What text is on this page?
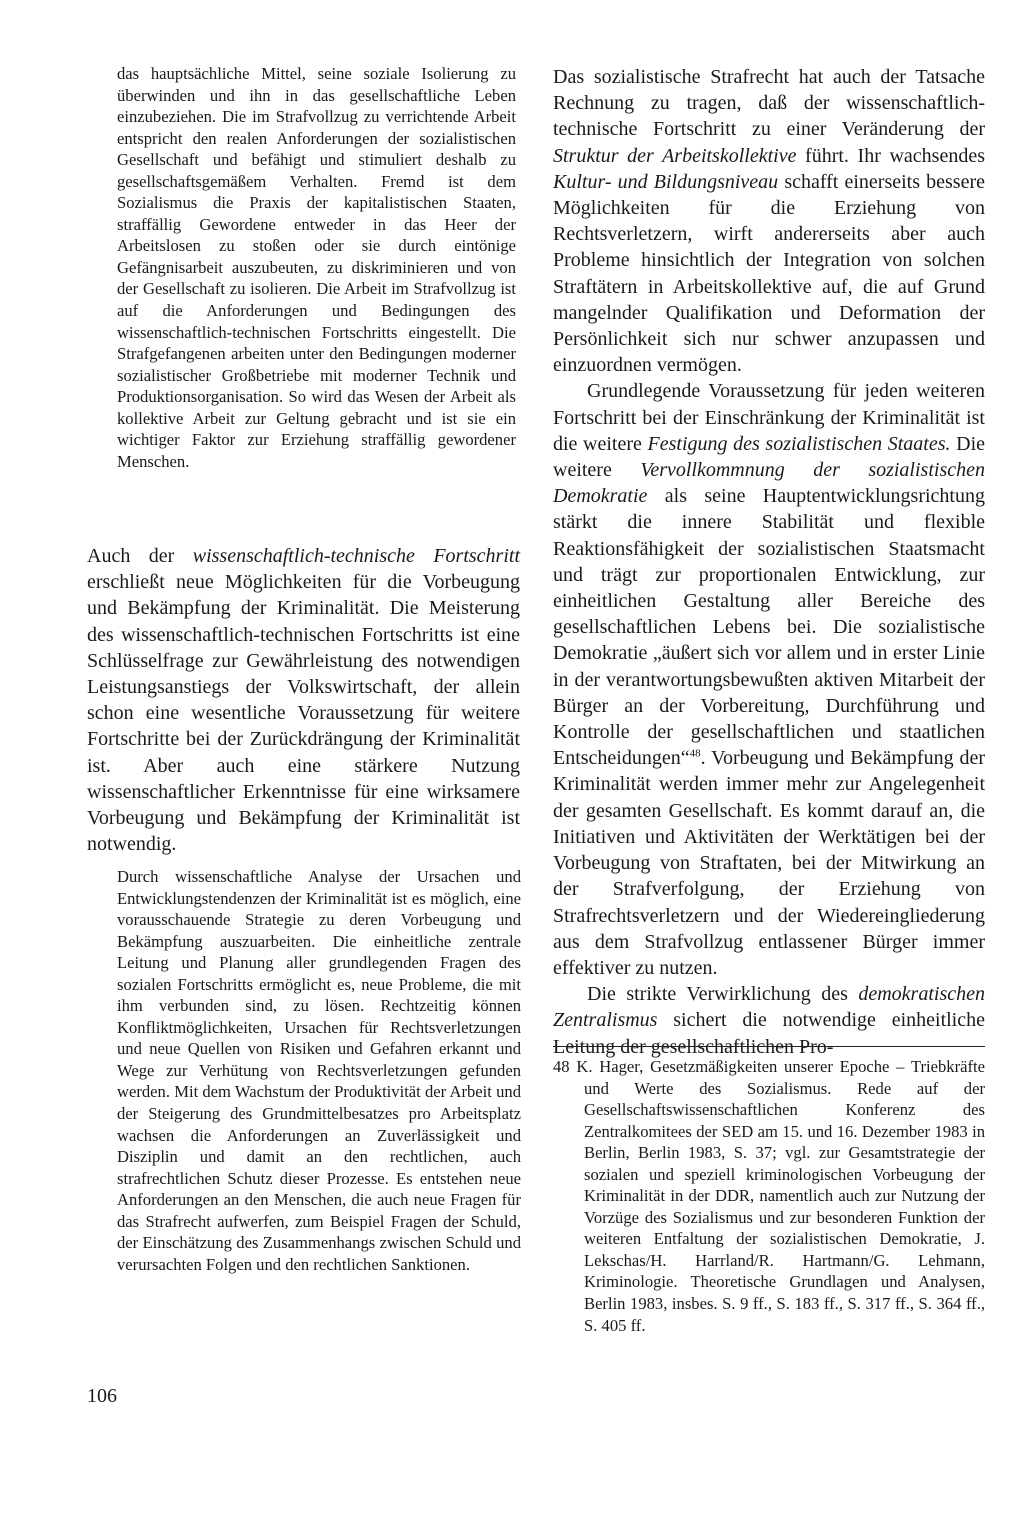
das hauptsächliche Mittel, seine soziale Isolierung zu überwinden und ihn in das gesellschaftliche Leben einzubeziehen. Die im Strafvollzug zu verrichtende Arbeit entspricht den realen Anforderungen der sozialistischen Gesellschaft und befähigt und stimuliert deshalb zu gesellschaftsgemäßem Verhalten. Fremd ist dem Sozialismus die Praxis der kapitalistischen Staaten, straffällig Gewordene entweder in das Heer der Arbeitslosen zu stoßen oder sie durch eintönige Gefängnisarbeit auszubeuten, zu diskriminieren und von der Gesellschaft zu isolieren. Die Arbeit im Strafvollzug ist auf die Anforderungen und Bedingungen des wissenschaftlich-technischen Fortschritts eingestellt. Die Strafgefangenen arbeiten unter den Bedingungen moderner sozialistischer Großbetriebe mit moderner Technik und Produktionsorganisation. So wird das Wesen der Arbeit als kollektive Arbeit zur Geltung gebracht und ist sie ein wichtiger Faktor zur Erziehung straffällig gewordener Menschen.

Auch der wissenschaftlich-technische Fortschritt erschließt neue Möglichkeiten für die Vorbeugung und Bekämpfung der Kriminalität. Die Meisterung des wissenschaftlich-technischen Fortschritts ist eine Schlüsselfrage zur Gewährleistung des notwendigen Leistungsanstiegs der Volkswirtschaft, der allein schon eine wesentliche Voraussetzung für weitere Fortschritte bei der Zurückdrängung der Kriminalität ist. Aber auch eine stärkere Nutzung wissenschaftlicher Erkenntnisse für eine wirksamere Vorbeugung und Bekämpfung der Kriminalität ist notwendig.

Durch wissenschaftliche Analyse der Ursachen und Entwicklungstendenzen der Kriminalität ist es möglich, eine vorausschauende Strategie zu deren Vorbeugung und Bekämpfung auszuarbeiten. Die einheitliche zentrale Leitung und Planung aller grundlegenden Fragen des sozialen Fortschritts ermöglicht es, neue Probleme, die mit ihm verbunden sind, zu lösen. Rechtzeitig können Konfliktmöglichkeiten, Ursachen für Rechtsverletzungen und neue Quellen von Risiken und Gefahren erkannt und Wege zur Verhütung von Rechtsverletzungen gefunden werden. Mit dem Wachstum der Produktivität der Arbeit und der Steigerung des Grundmittelbesatzes pro Arbeitsplatz wachsen die Anforderungen an Zuverlässigkeit und Disziplin und damit an den rechtlichen, auch strafrechtlichen Schutz dieser Prozesse. Es entstehen neue Anforderungen an den Menschen, die auch neue Fragen für das Strafrecht aufwerfen, zum Beispiel Fragen der Schuld, der Einschätzung des Zusammenhangs zwischen Schuld und verursachten Folgen und den rechtlichen Sanktionen.

Das sozialistische Strafrecht hat auch der Tatsache Rechnung zu tragen, daß der wissenschaftlich-technische Fortschritt zu einer Veränderung der Struktur der Arbeitskollektive führt. Ihr wachsendes Kultur- und Bildungsniveau schafft einerseits bessere Möglichkeiten für die Erziehung von Rechtsverletzern, wirft andererseits aber auch Probleme hinsichtlich der Integration von solchen Straftätern in Arbeitskollektive auf, die auf Grund mangelnder Qualifikation und Deformation der Persönlichkeit sich nur schwer anzupassen und einzuordnen vermögen.

Grundlegende Voraussetzung für jeden weiteren Fortschritt bei der Einschränkung der Kriminalität ist die weitere Festigung des sozialistischen Staates. Die weitere Vervollkommnung der sozialistischen Demokratie als seine Hauptentwicklungsrichtung stärkt die innere Stabilität und flexible Reaktionsfähigkeit der sozialistischen Staatsmacht und trägt zur proportionalen Entwicklung, zur einheitlichen Gestaltung aller Bereiche des gesellschaftlichen Lebens bei. Die sozialistische Demokratie „äußert sich vor allem und in erster Linie in der verantwortungsbewußten aktiven Mitarbeit der Bürger an der Vorbereitung, Durchführung und Kontrolle der gesellschaftlichen und staatlichen Entscheidungen“$^{48}$. Vorbeugung und Bekämpfung der Kriminalität werden immer mehr zur Angelegenheit der gesamten Gesellschaft. Es kommt darauf an, die Initiativen und Aktivitäten der Werktätigen bei der Vorbeugung von Straftaten, bei der Mitwirkung an der Strafverfolgung, der Erziehung von Strafrechtsverletzern und der Wiedereingliederung aus dem Strafvollzug entlassener Bürger immer effektiver zu nutzen.

Die strikte Verwirklichung des demokratischen Zentralismus sichert die notwendige einheitliche Leitung der gesellschaftlichen Pro-

48 K. Hager, Gesetzmäßigkeiten unserer Epoche – Triebkräfte und Werte des Sozialismus. Rede auf der Gesellschaftswissenschaftlichen Konferenz des Zentralkomitees der SED am 15. und 16. Dezember 1983 in Berlin, Berlin 1983, S. 37; vgl. zur Gesamtstrategie der sozialen und speziell kriminologischen Vorbeugung der Kriminalität in der DDR, namentlich auch zur Nutzung der Vorzüge des Sozialismus und zur besonderen Funktion der weiteren Entfaltung der sozialistischen Demokratie, J. Lekschas/H. Harrland/R. Hartmann/G. Lehmann, Kriminologie. Theoretische Grundlagen und Analysen, Berlin 1983, insbes. S. 9 ff., S. 183 ff., S. 317 ff., S. 364 ff., S. 405 ff.

106
